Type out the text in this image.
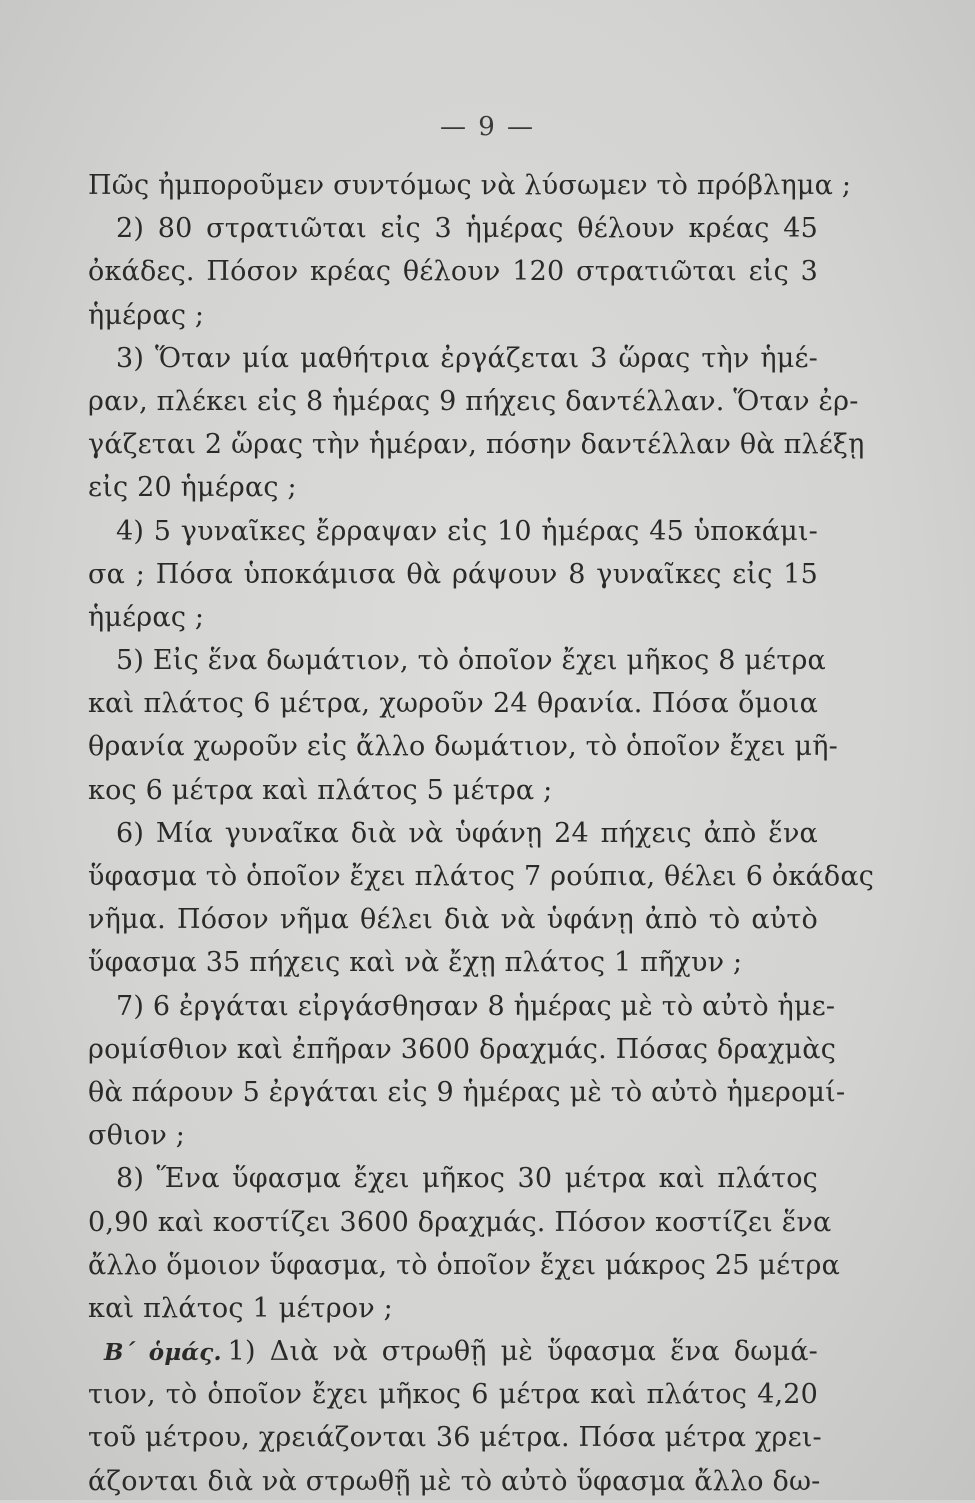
— 9 —
Πῶς ἠμποροῦμεν συντόμως νὰ λύσωμεν τὸ πρόβλημα ;
2) 80 στρατιῶται εἰς 3 ἡμέρας θέλουν κρέας 45
ὀκάδες. Πόσον κρέας θέλουν 120 στρατιῶται εἰς 3
ἡμέρας ;
3) Ὅταν μία μαθήτρια ἐργάζεται 3 ὥρας τὴν ἡμέ-
ραν, πλέκει εἰς 8 ἡμέρας 9 πήχεις δαντέλλαν. Ὅταν ἐρ-
γάζεται 2 ὥρας τὴν ἡμέραν, πόσην δαντέλλαν θὰ πλέξῃ
εἰς 20 ἡμέρας ;
4) 5 γυναῖκες ἔρραψαν εἰς 10 ἡμέρας 45 ὑποκάμι-
σα ; Πόσα ὑποκάμισα θὰ ράψουν 8 γυναῖκες εἰς 15
ἡμέρας ;
5) Εἰς ἕνα δωμάτιον, τὸ ὁποῖον ἔχει μῆκος 8 μέτρα
καὶ πλάτος 6 μέτρα, χωροῦν 24 θρανία. Πόσα ὅμοια
θρανία χωροῦν εἰς ἄλλο δωμάτιον, τὸ ὁποῖον ἔχει μῆ-
κος 6 μέτρα καὶ πλάτος 5 μέτρα ;
6) Μία γυναῖκα διὰ νὰ ὑφάνῃ 24 πήχεις ἀπὸ ἕνα
ὕφασμα τὸ ὁποῖον ἔχει πλάτος 7 ρούπια, θέλει 6 ὀκάδας
νῆμα. Πόσον νῆμα θέλει διὰ νὰ ὑφάνῃ ἀπὸ τὸ αὐτὸ
ὕφασμα 35 πήχεις καὶ νὰ ἔχῃ πλάτος 1 πῆχυν ;
7) 6 ἐργάται εἰργάσθησαν 8 ἡμέρας μὲ τὸ αὐτὸ ἡμε-
ρομίσθιον καὶ ἐπῆραν 3600 δραχμάς. Πόσας δραχμὰς
θὰ πάρουν 5 ἐργάται εἰς 9 ἡμέρας μὲ τὸ αὐτὸ ἡμερομί-
σθιον ;
8) Ἕνα ὕφασμα ἔχει μῆκος 30 μέτρα καὶ πλάτος
0,90 καὶ κοστίζει 3600 δραχμάς. Πόσον κοστίζει ἕνα
ἄλλο ὅμοιον ὕφασμα, τὸ ὁποῖον ἔχει μάκρος 25 μέτρα
καὶ πλάτος 1 μέτρον ;
Β΄ ὁμάς. 1) Διὰ νὰ στρωθῇ μὲ ὕφασμα ἕνα δωμά-
τιον, τὸ ὁποῖον ἔχει μῆκος 6 μέτρα καὶ πλάτος 4,20
τοῦ μέτρου, χρειάζονται 36 μέτρα. Πόσα μέτρα χρει-
άζονται διὰ νὰ στρωθῇ μὲ τὸ αὐτὸ ὕφασμα ἄλλο δω-
